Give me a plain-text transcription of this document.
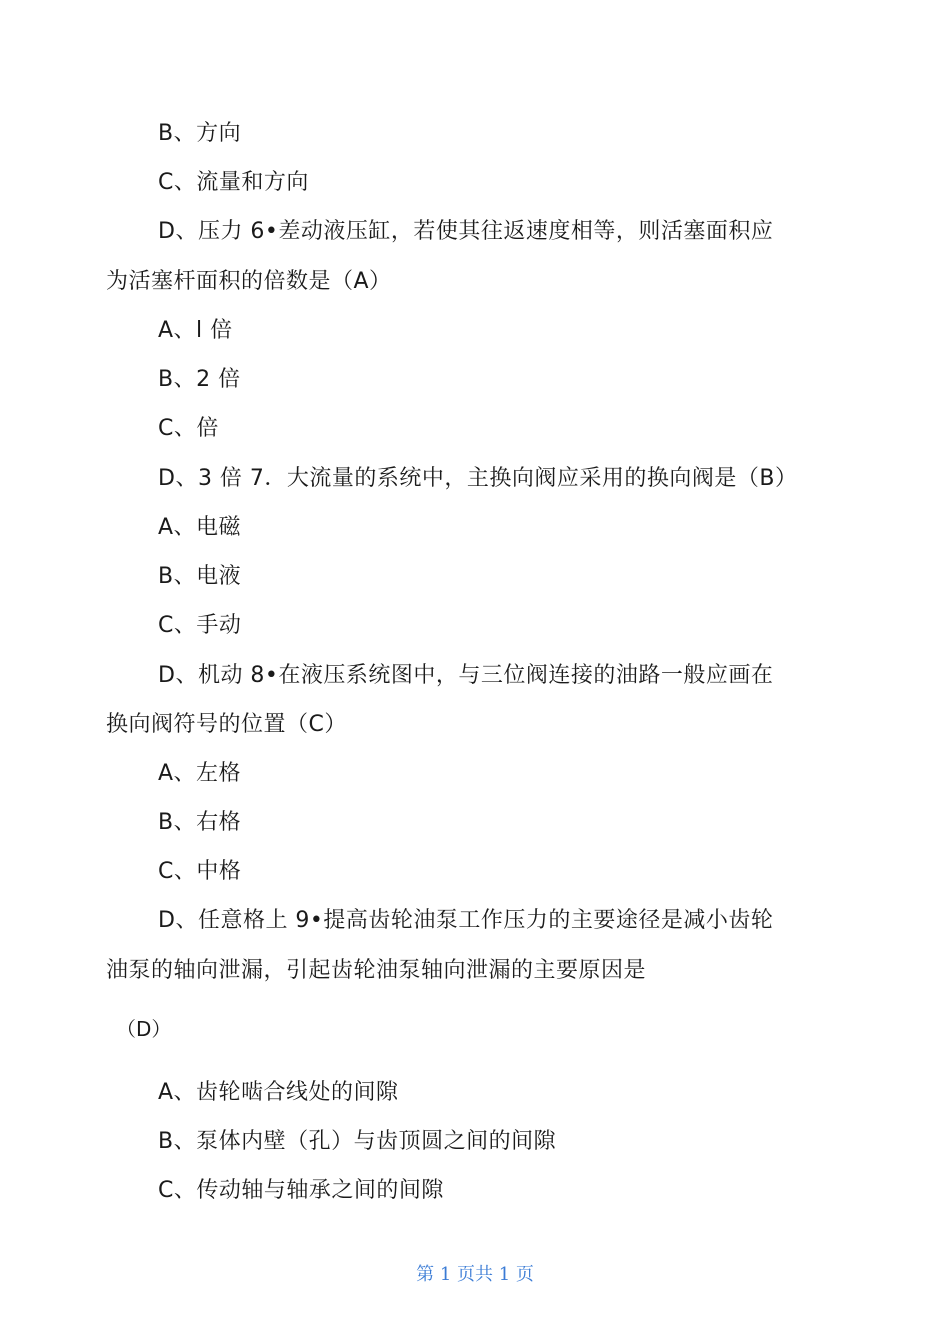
B、方向
C、流量和方向
D、压力 6•差动液压缸，若使其往返速度相等，则活塞面积应
为活塞杆面积的倍数是（A）
A、l 倍
B、2 倍
C、倍
D、3 倍 7．大流量的系统中，主换向阀应采用的换向阀是（B）
A、电磁
B、电液
C、手动
D、机动 8•在液压系统图中，与三位阀连接的油路一般应画在
换向阀符号的位置（C）
A、左格
B、右格
C、中格
D、任意格上 9•提高齿轮油泵工作压力的主要途径是减小齿轮
油泵的轴向泄漏，引起齿轮油泵轴向泄漏的主要原因是
（D）
A、齿轮啮合线处的间隙
B、泵体内壁（孔）与齿顶圆之间的间隙
C、传动轴与轴承之间的间隙
第 1 页共 1 页
